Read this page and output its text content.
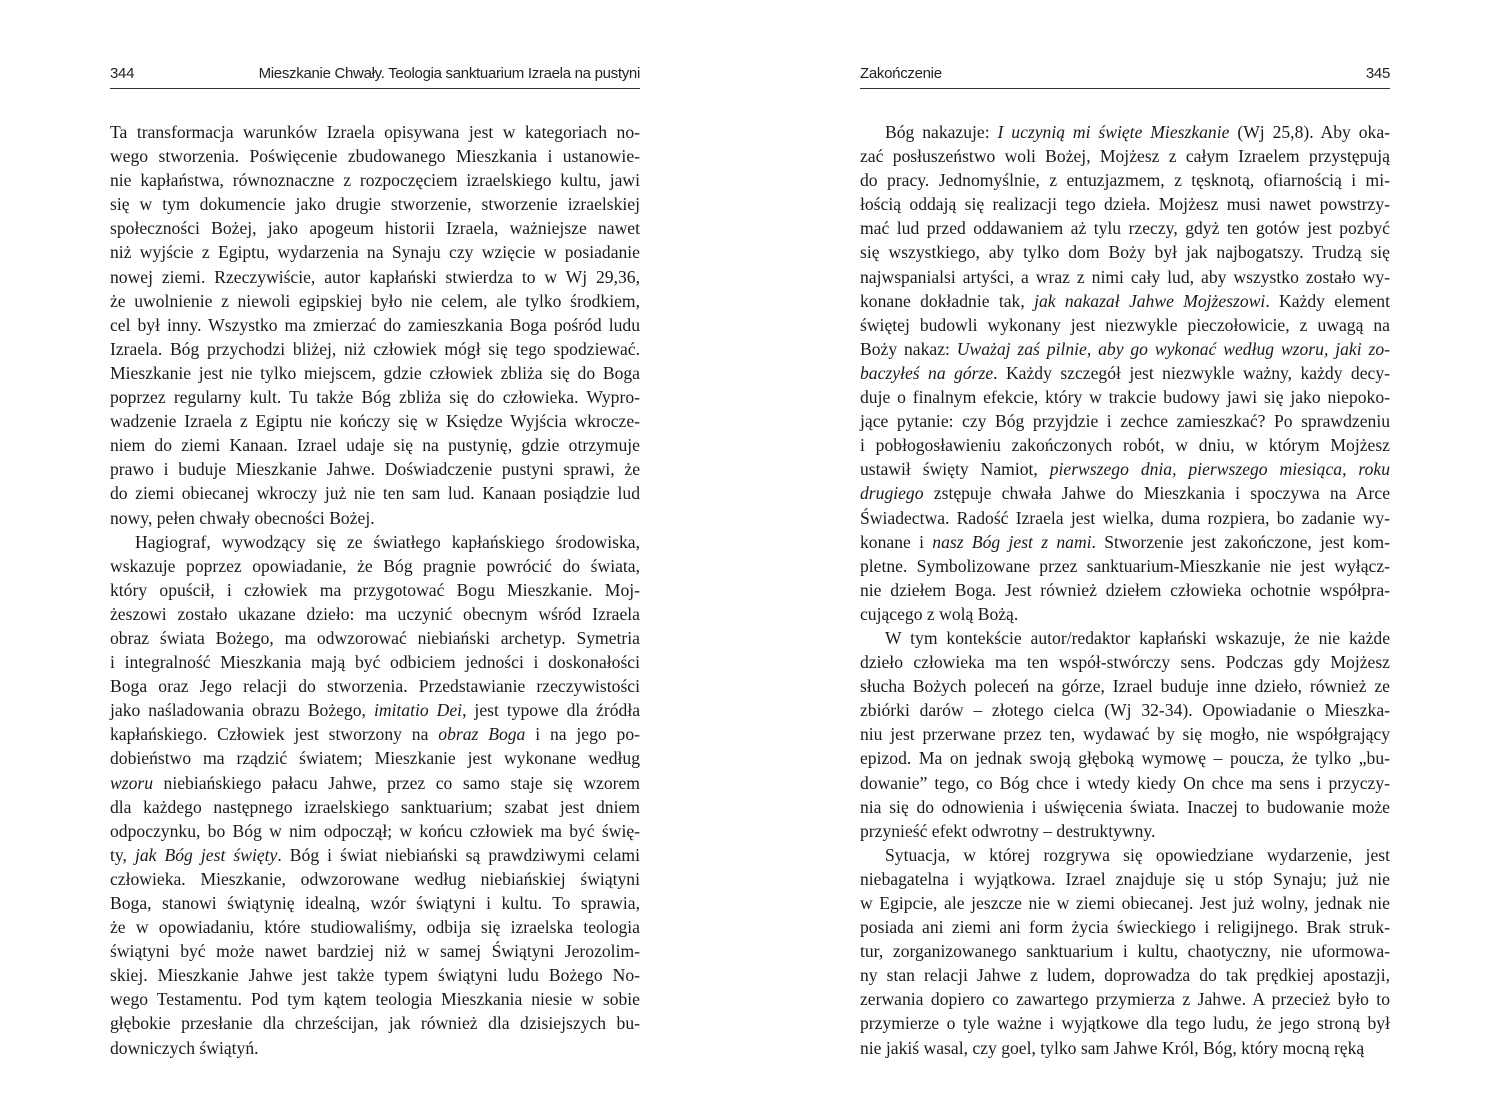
344	Mieszkanie Chwały. Teologia sanktuarium Izraela na pustyni

Ta transformacja warunków Izraela opisywana jest w kategoriach no-
wego stworzenia. Poświęcenie zbudowanego Mieszkania i ustanowie-
nie kapłaństwa, równoznaczne z rozpoczęciem izraelskiego kultu, jawi
się w tym dokumencie jako drugie stworzenie, stworzenie izraelskiej
społeczności Bożej, jako apogeum historii Izraela, ważniejsze nawet
niż wyjście z Egiptu, wydarzenia na Synaju czy wzięcie w posiadanie
nowej ziemi. Rzeczywiście, autor kapłański stwierdza to w Wj 29,36,
że uwolnienie z niewoli egipskiej było nie celem, ale tylko środkiem,
cel był inny. Wszystko ma zmierzać do zamieszkania Boga pośród ludu
Izraela. Bóg przychodzi bliżej, niż człowiek mógł się tego spodziewać.
Mieszkanie jest nie tylko miejscem, gdzie człowiek zbliża się do Boga
poprzez regularny kult. Tu także Bóg zbliża się do człowieka. Wypro-
wadzenie Izraela z Egiptu nie kończy się w Księdze Wyjścia wkrocze-
niem do ziemi Kanaan. Izrael udaje się na pustynię, gdzie otrzymuje
prawo i buduje Mieszkanie Jahwe. Doświadczenie pustyni sprawi, że
do ziemi obiecanej wkroczy już nie ten sam lud. Kanaan posiądzie lud
nowy, pełen chwały obecności Bożej.

Hagiograf, wywodzący się ze światłego kapłańskiego środowiska,
wskazuje poprzez opowiadanie, że Bóg pragnie powrócić do świata,
który opuścił, i człowiek ma przygotować Bogu Mieszkanie. Moj-
żeszowi zostało ukazane dzieło: ma uczynić obecnym wśród Izraela
obraz świata Bożego, ma odwzorować niebiański archetyp. Symetria
i integralność Mieszkania mają być odbiciem jedności i doskonałości
Boga oraz Jego relacji do stworzenia. Przedstawianie rzeczywistości
jako naśladowania obrazu Bożego, imitatio Dei, jest typowe dla źródła
kapłańskiego. Człowiek jest stworzony na obraz Boga i na jego po-
dobieństwo ma rządzić światem; Mieszkanie jest wykonane według
wzoru niebiańskiego pałacu Jahwe, przez co samo staje się wzorem
dla każdego następnego izraelskiego sanktuarium; szabat jest dniem
odpoczynku, bo Bóg w nim odpoczął; w końcu człowiek ma być świę-
ty, jak Bóg jest święty. Bóg i świat niebiański są prawdziwymi celami
człowieka. Mieszkanie, odwzorowane według niebiańskiej świątyni
Boga, stanowi świątynię idealną, wzór świątyni i kultu. To sprawia,
że w opowiadaniu, które studiowaliśmy, odbija się izraelska teologia
świątyni być może nawet bardziej niż w samej Świątyni Jerozolim-
skiej. Mieszkanie Jahwe jest także typem świątyni ludu Bożego No-
wego Testamentu. Pod tym kątem teologia Mieszkania niesie w sobie
głębokie przesłanie dla chrześcijan, jak również dla dzisiejszych bu-
downiczych świątyń.

Zakończenie	345

Bóg nakazuje: I uczynią mi święte Mieszkanie (Wj 25,8). Aby oka-
zać posłuszeństwo woli Bożej, Mojżesz z całym Izraelem przystępują
do pracy. Jednomyślnie, z entuzjazmem, z tęsknotą, ofiarnością i mi-
łością oddają się realizacji tego dzieła. Mojżesz musi nawet powstrzy-
mać lud przed oddawaniem aż tylu rzeczy, gdyż ten gotów jest pozbyć
się wszystkiego, aby tylko dom Boży był jak najbogatszy. Trudzą się
najwspanialsi artyści, a wraz z nimi cały lud, aby wszystko zostało wy-
konane dokładnie tak, jak nakazał Jahwe Mojżeszowi. Każdy element
świętej budowli wykonany jest niezwykle pieczołowicie, z uwagą na
Boży nakaz: Uważaj zaś pilnie, aby go wykonać według wzoru, jaki zo-
baczyłeś na górze. Każdy szczegół jest niezwykle ważny, każdy decy-
duje o finalnym efekcie, który w trakcie budowy jawi się jako niepoko-
jące pytanie: czy Bóg przyjdzie i zechce zamieszkać? Po sprawdzeniu
i pobłogosławieniu zakończonych robót, w dniu, w którym Mojżesz
ustawił święty Namiot, pierwszego dnia, pierwszego miesiąca, roku
drugiego zstępuje chwała Jahwe do Mieszkania i spoczywa na Arce
Świadectwa. Radość Izraela jest wielka, duma rozpiera, bo zadanie wy-
konane i nasz Bóg jest z nami. Stworzenie jest zakończone, jest kom-
pletne. Symbolizowane przez sanktuarium-Mieszkanie nie jest wyłącz-
nie dziełem Boga. Jest również dziełem człowieka ochotnie współpra-
cującego z wolą Bożą.

W tym kontekście autor/redaktor kapłański wskazuje, że nie każde
dzieło człowieka ma ten współ-stwórczy sens. Podczas gdy Mojżesz
słucha Bożych poleceń na górze, Izrael buduje inne dzieło, również ze
zbiórki darów – złotego cielca (Wj 32-34). Opowiadanie o Mieszka-
niu jest przerwane przez ten, wydawać by się mogło, nie współgrający
epizod. Ma on jednak swoją głęboką wymowę – poucza, że tylko „bu-
dowanie” tego, co Bóg chce i wtedy kiedy On chce ma sens i przyczy-
nia się do odnowienia i uświęcenia świata. Inaczej to budowanie może
przynieść efekt odwrotny – destruktywny.

Sytuacja, w której rozgrywa się opowiedziane wydarzenie, jest
niebagatelna i wyjątkowa. Izrael znajduje się u stóp Synaju; już nie
w Egipcie, ale jeszcze nie w ziemi obiecanej. Jest już wolny, jednak nie
posiada ani ziemi ani form życia świeckiego i religijnego. Brak struk-
tur, zorganizowanego sanktuarium i kultu, chaotyczny, nie uformowa-
ny stan relacji Jahwe z ludem, doprowadza do tak prędkiej apostazji,
zerwania dopiero co zawartego przymierza z Jahwe. A przecież było to
przymierze o tyle ważne i wyjątkowe dla tego ludu, że jego stroną był
nie jakiś wasal, czy goel, tylko sam Jahwe Król, Bóg, który mocną ręką
